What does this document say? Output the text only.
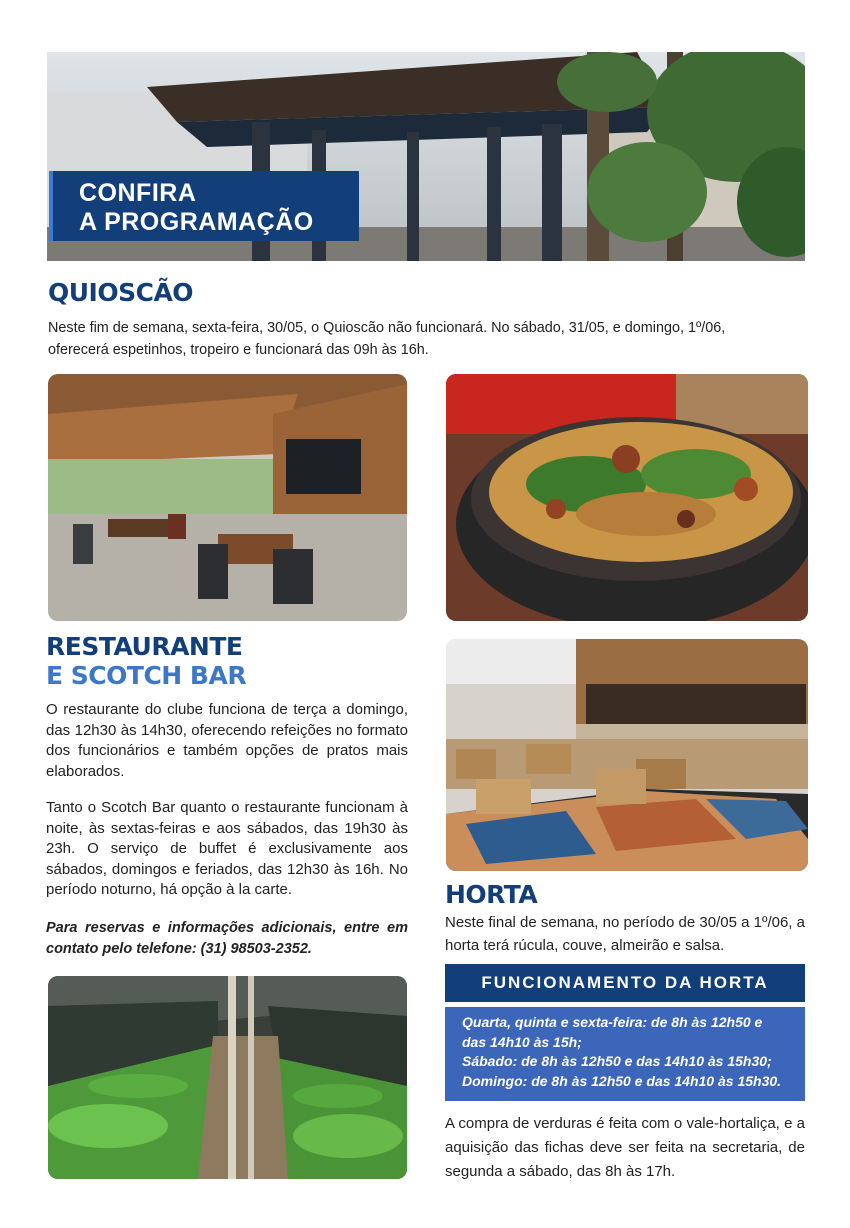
CONFIRA
A PROGRAMAÇÃO
QUIOSCÃO

Neste fim de semana, sexta-feira, 30/05, o Quioscão não funcionará. No sábado, 31/05, e domingo, 1º/06,

oferecerá espetinhos, tropeiro e funcionará das 09h às 16h.

RESTAURANTE
E SCOTCH BAR

O restaurante do clube funciona de terça a domingo, das 12h30 às 14h30, oferecendo refeições no formato dos funcionários e também opções de pratos mais elaborados.

Tanto o Scotch Bar quanto o restaurante funcionam à noite, às sextas-feiras e aos sábados, das 19h30 às 23h. O serviço de buffet é exclusivamente aos sábados, domingos e feriados, das 12h30 às 16h. No período noturno, há opção à la carte.

Para reservas e informações adicionais, entre em contato pelo telefone: (31) 98503-2352.

HORTA

Neste final de semana, no período de 30/05 a 1º/06, a horta terá rúcula, couve, almeirão e salsa.

FUNCIONAMENTO DA HORTA
Quarta, quinta e sexta-feira: de 8h às 12h50 e
das 14h10 às 15h;
Sábado: de 8h às 12h50 e das 14h10 às 15h30;
Domingo: de 8h às 12h50 e das 14h10 às 15h30.

A compra de verduras é feita com o vale-hortaliça, e a aquisição das fichas deve ser feita na secretaria, de segunda a sábado, das 8h às 17h.
